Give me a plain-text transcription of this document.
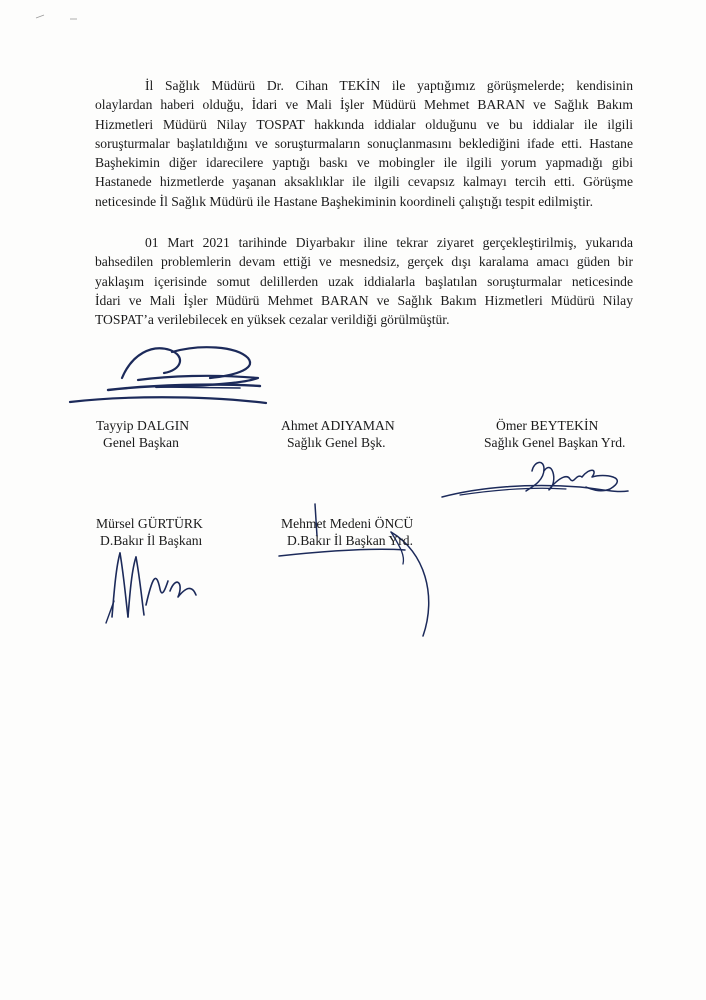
İl Sağlık Müdürü Dr. Cihan TEKİN ile yaptığımız görüşmelerde; kendisinin
olaylardan haberi olduğu, İdari ve Mali İşler Müdürü Mehmet BARAN ve Sağlık Bakım
Hizmetleri Müdürü Nilay TOSPAT hakkında iddialar olduğunu ve bu iddialar ile ilgili
soruşturmalar başlatıldığını ve soruşturmaların sonuçlanmasını beklediğini ifade etti. Hastane
Başhekimin diğer idarecilere yaptığı baskı ve mobingler ile ilgili yorum yapmadığı gibi
Hastanede hizmetlerde yaşanan aksaklıklar ile ilgili cevapsız kalmayı tercih etti. Görüşme
neticesinde İl Sağlık Müdürü ile Hastane Başhekiminin koordineli çalıştığı tespit edilmiştir.

01 Mart 2021 tarihinde Diyarbakır iline tekrar ziyaret gerçekleştirilmiş, yukarıda
bahsedilen problemlerin devam ettiği ve mesnedsiz, gerçek dışı karalama amacı güden bir
yaklaşım içerisinde somut delillerden uzak iddialarla başlatılan soruşturmalar neticesinde
İdari ve Mali İşler Müdürü Mehmet BARAN ve Sağlık Bakım Hizmetleri Müdürü Nilay
TOSPAT’a verilebilecek en yüksek cezalar verildiği görülmüştür.

Tayyip DALGIN
Genel Başkan
Ahmet ADIYAMAN
Sağlık Genel Bşk.
Ömer BEYTEKİN
Sağlık Genel Başkan Yrd.
Mürsel GÜRTÜRK
D.Bakır İl Başkanı
Mehmet Medeni ÖNCÜ
D.Bakır İl Başkan Yrd.
